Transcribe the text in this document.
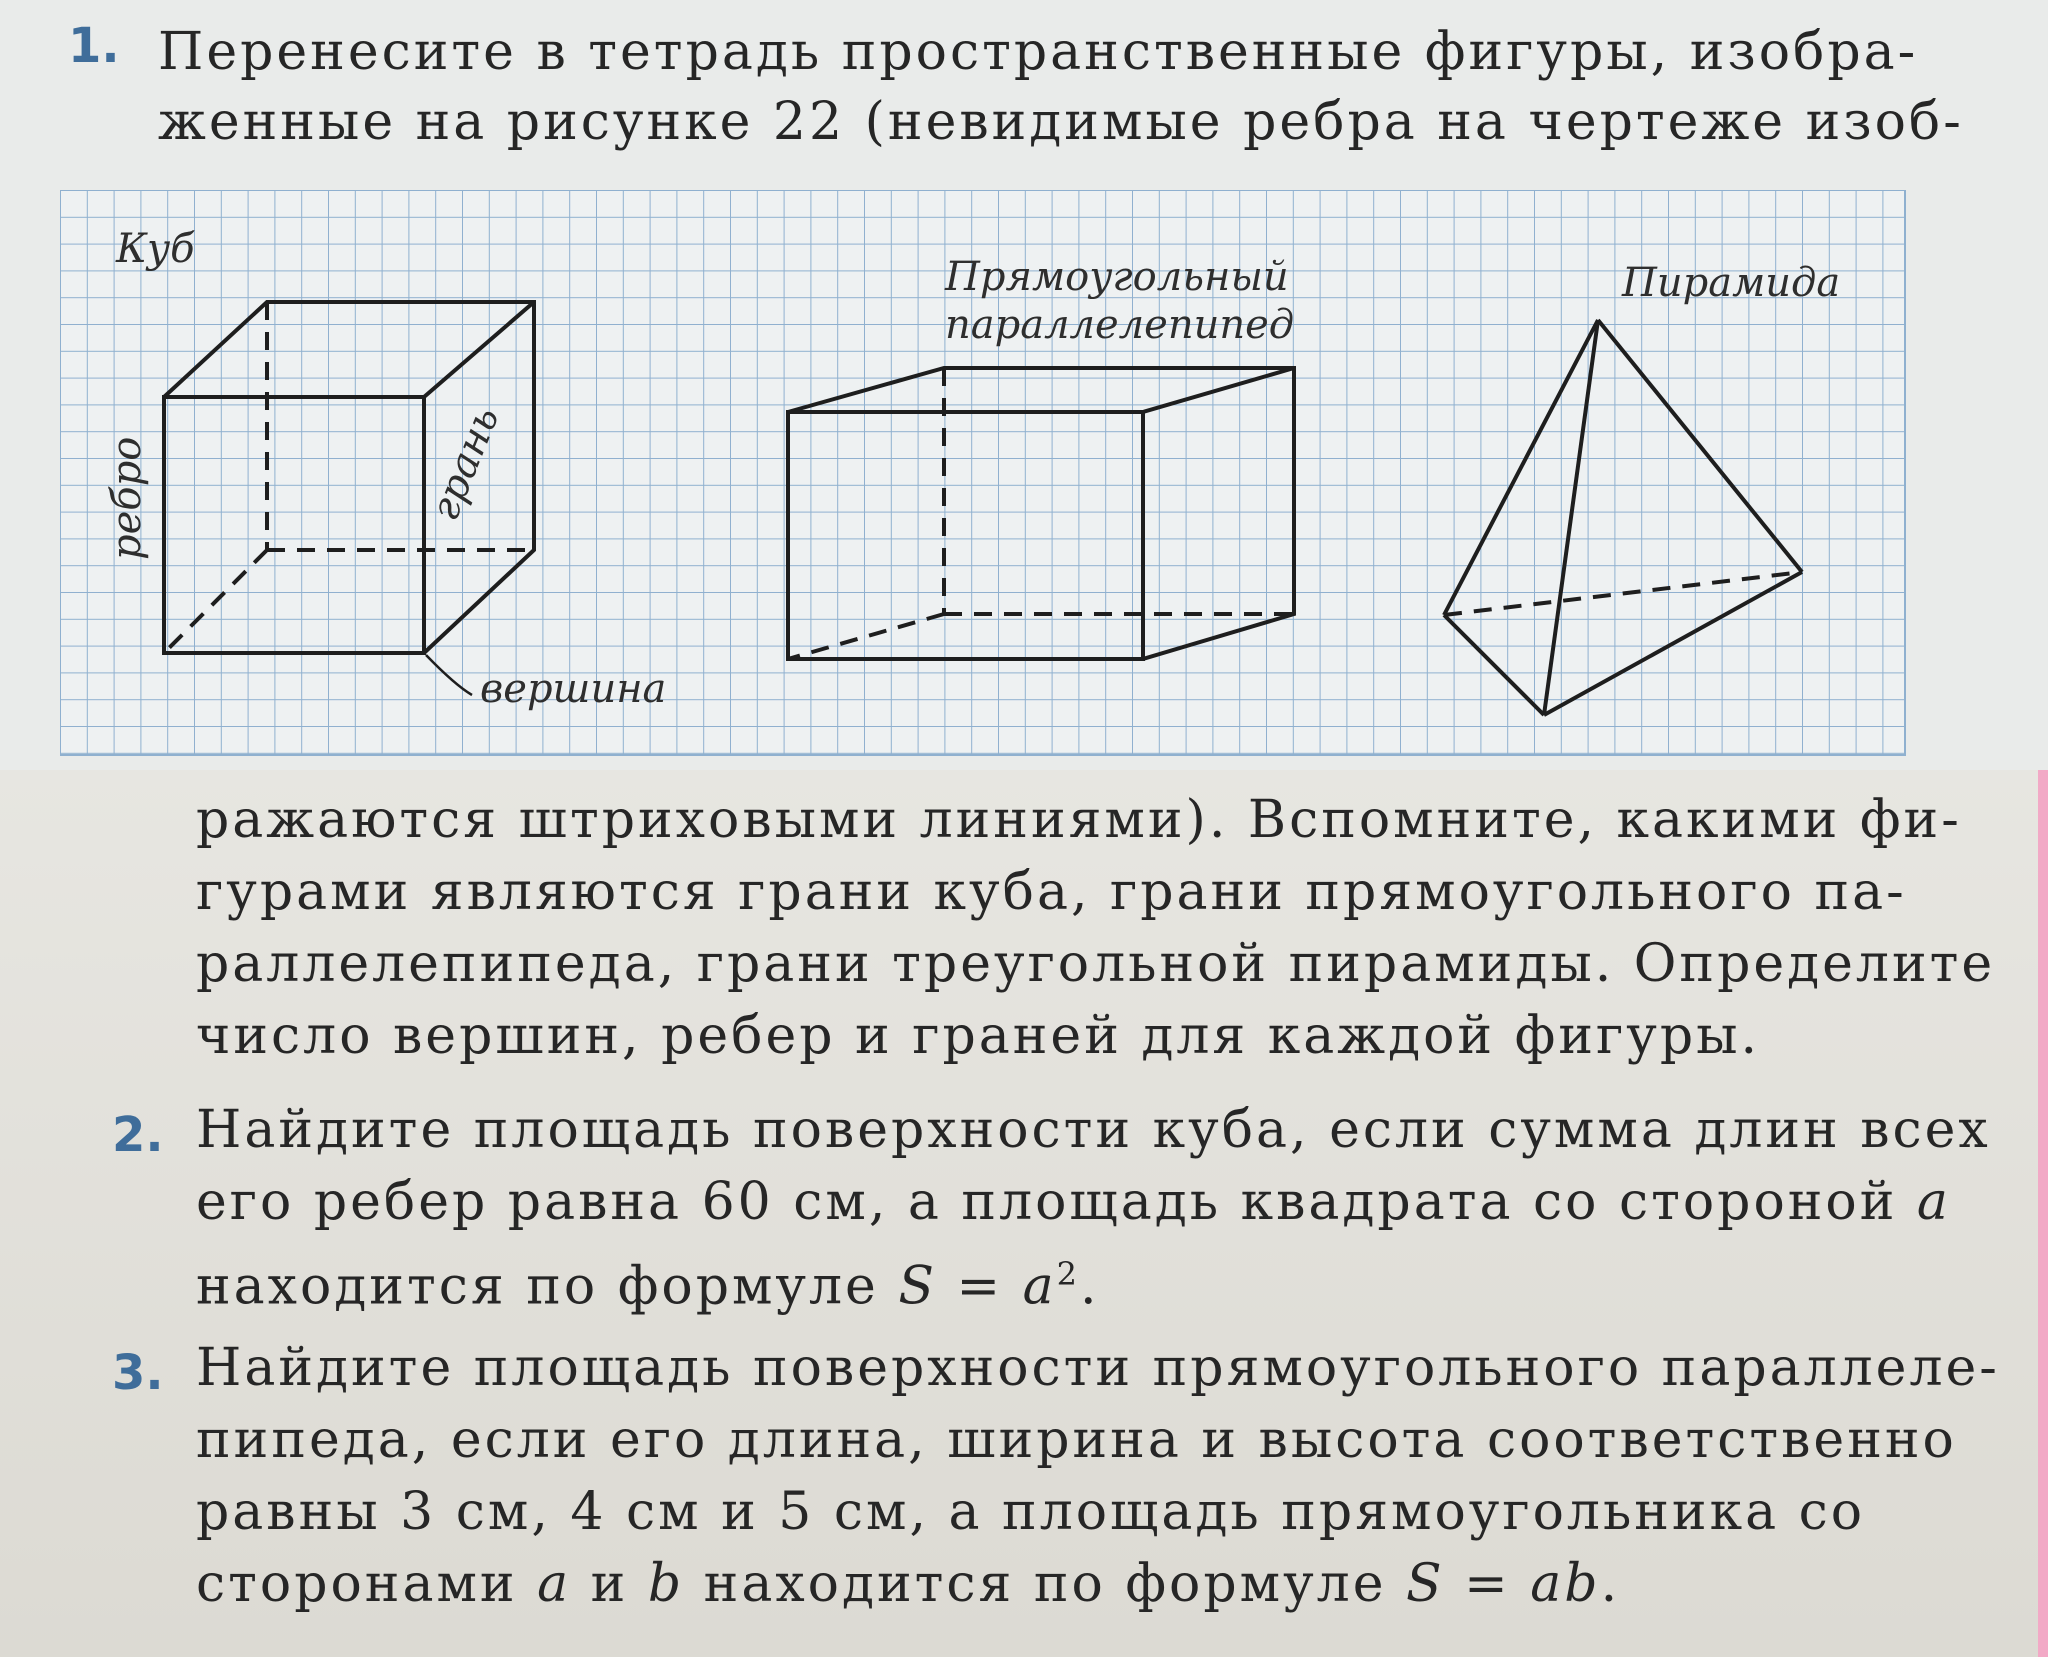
1. Перенесите в тетрадь пространственные фигуры, изобра-
женные на рисунке 22 (невидимые ребра на чертеже изоб-
Куб
ребро	грань
вершина
Прямоугольный
параллелепипед
Пирамида
ражаются штриховыми линиями). Вспомните, какими фи-
гурами являются грани куба, грани прямоугольного па-
раллелепипеда, грани треугольной пирамиды. Определите
число вершин, ребер и граней для каждой фигуры.
2. Найдите площадь поверхности куба, если сумма длин всех
его ребер равна 60 см, а площадь квадрата со стороной a
находится по формуле $S = a^2$.
3. Найдите площадь поверхности прямоугольного параллеле-
пипеда, если его длина, ширина и высота соответственно
равны 3 см, 4 см и 5 см, а площадь прямоугольника со
сторонами a и b находится по формуле S = ab.
